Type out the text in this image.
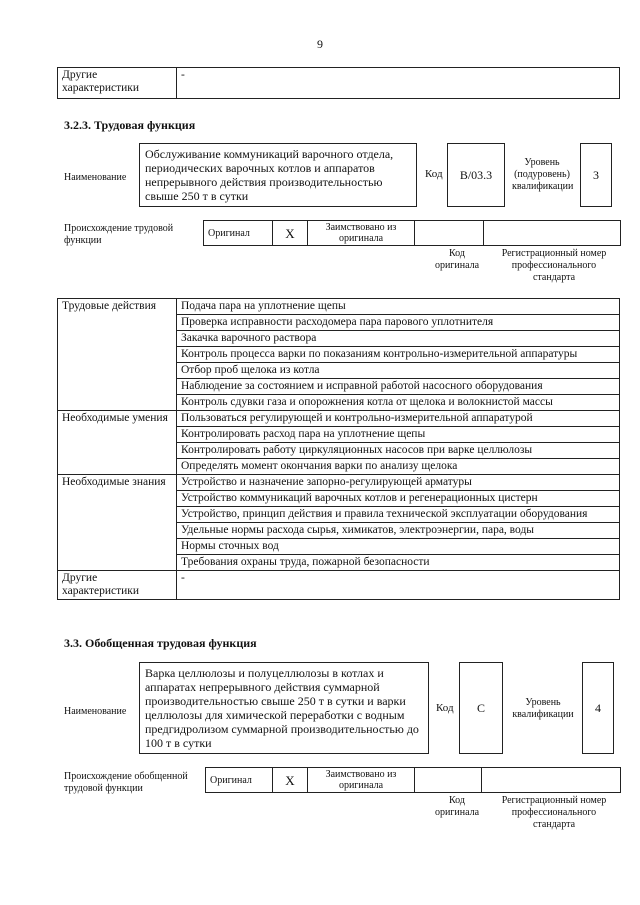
9
Другие характеристики	-
3.2.3. Трудовая функция
Наименование
Обслуживание коммуникаций варочного отдела, периодических варочных котлов и аппаратов непрерывного действия производительностью свыше 250 т в сутки
Код	B/03.3
Уровень (подуровень) квалификации
3
Происхождение трудовой функции
Оригинал	X	Заимствовано из оригинала		
Код оригинала
Регистрационный номер профессионального стандарта
Трудовые действия	Подача пара на уплотнение щепы
	Проверка исправности расходомера пара парового уплотнителя
	Закачка варочного раствора
	Контроль процесса варки по показаниям контрольно-измерительной аппаратуры
	Отбор проб щелока из котла
	Наблюдение за состоянием и исправной работой насосного оборудования
	Контроль сдувки газа и опорожнения котла от щелока и волокнистой массы
Необходимые умения	Пользоваться регулирующей и контрольно-измерительной аппаратурой
	Контролировать расход пара на уплотнение щепы
	Контролировать работу циркуляционных насосов при варке целлюлозы
	Определять момент окончания варки по анализу щелока
Необходимые знания	Устройство и назначение запорно-регулирующей арматуры
	Устройство коммуникаций варочных котлов и регенерационных цистерн
	Устройство, принцип действия и правила технической эксплуатации оборудования
	Удельные нормы расхода сырья, химикатов, электроэнергии, пара, воды
	Нормы сточных вод
	Требования охраны труда, пожарной безопасности
Другие характеристики	-
3.3. Обобщенная трудовая функция
Наименование
Варка целлюлозы и полуцеллюлозы в котлах и аппаратах непрерывного действия суммарной производительностью свыше 250 т в сутки и варки целлюлозы для химической переработки с водным предгидролизом суммарной производительностью до 100 т в сутки
Код	C	Уровень квалификации	4
Происхождение обобщенной трудовой функции
Оригинал	X	Заимствовано из оригинала		
Код оригинала
Регистрационный номер профессионального стандарта
